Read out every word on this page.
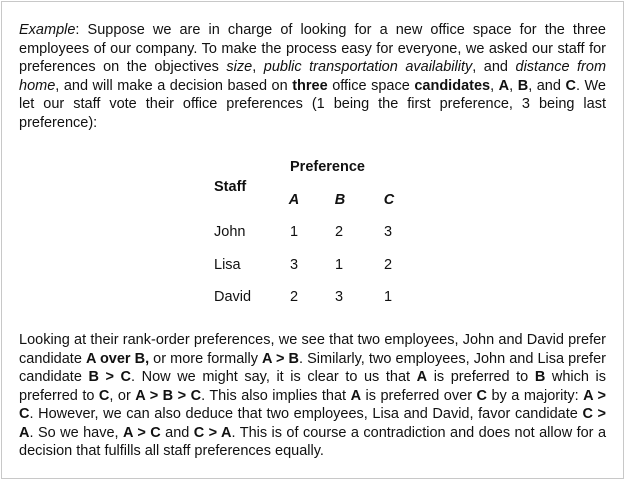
Example: Suppose we are in charge of looking for a new office space for the three employees of our company. To make the process easy for everyone, we asked our staff for preferences on the objectives size, public transportation availability, and distance from home, and will make a decision based on three office space candidates, A, B, and C. We let our staff vote their office preferences (1 being the first preference, 3 being last preference):

Preference
Staff
A B	C
John	1	2	3
Lisa	3	1	2
David	2	3	1

Looking at their rank-order preferences, we see that two employees, John and David prefer candidate A over B, or more formally A > B. Similarly, two employees, John and Lisa prefer candidate B > C. Now we might say, it is clear to us that A is preferred to B which is preferred to C, or A > B > C. This also implies that A is preferred over C by a majority: A > C. However, we can also deduce that two employees, Lisa and David, favor candidate C > A. So we have, A > C and C > A. This is of course a contradiction and does not allow for a decision that fulfills all staff preferences equally.
